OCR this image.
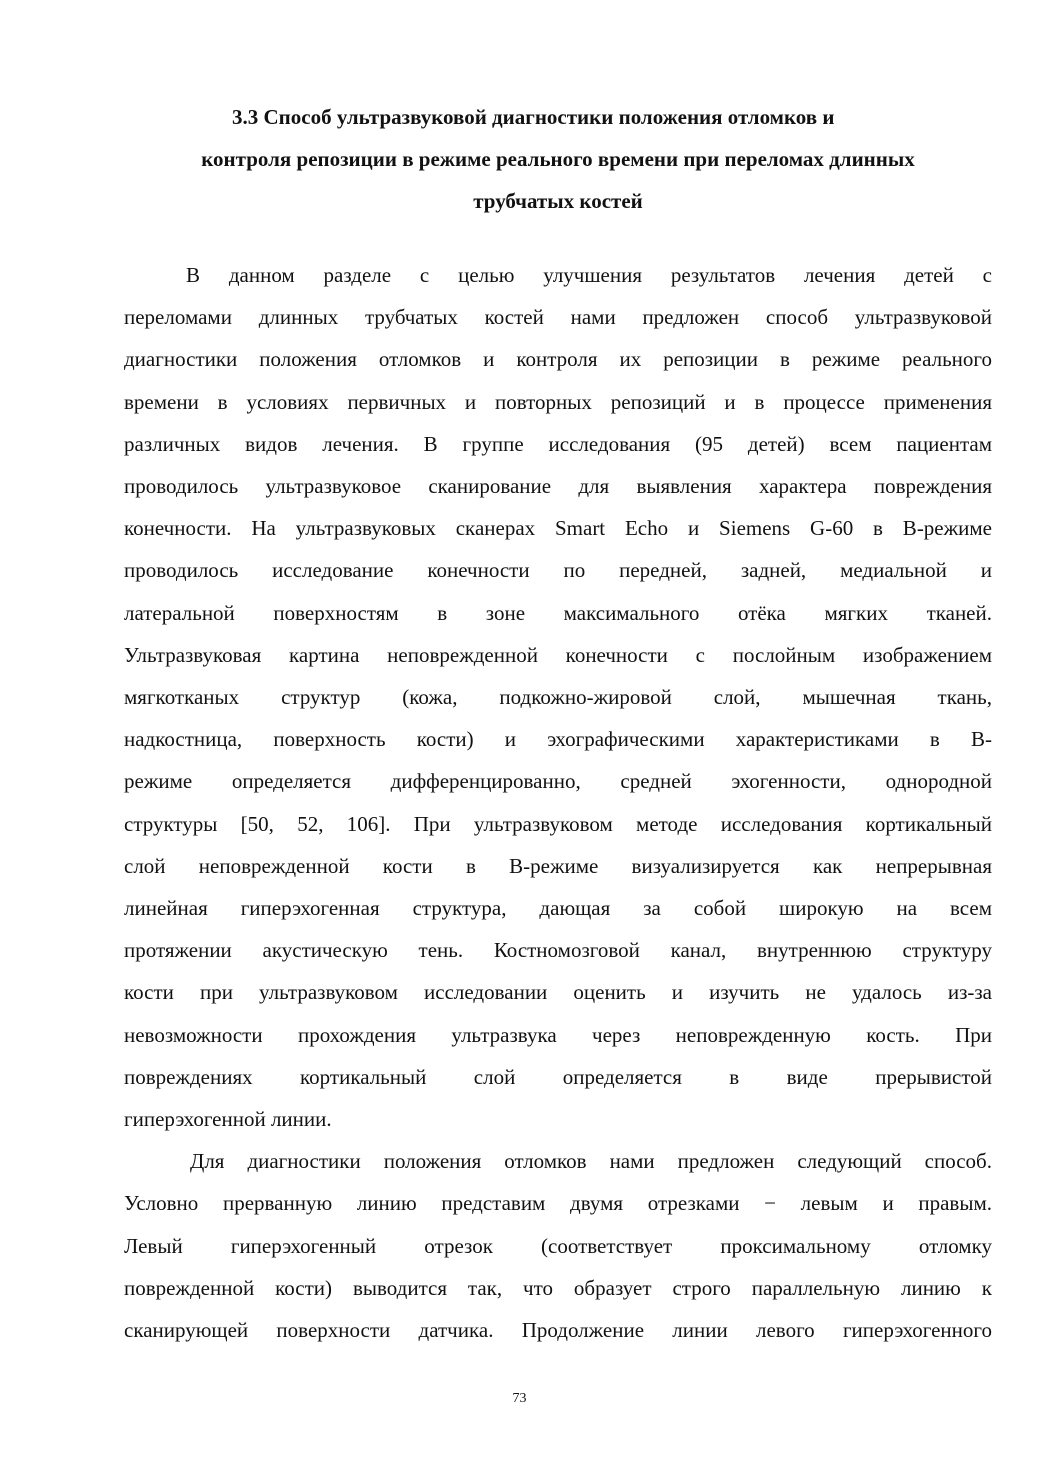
3.3 Способ ультразвуковой диагностики положения отломков и
контроля репозиции в режиме реального времени при переломах длинных
трубчатых костей

В данном разделе с целью улучшения результатов лечения детей с

переломами длинных трубчатых костей нами предложен способ ультразвуковой

диагностики положения отломков и контроля их репозиции в режиме реального

времени в условиях первичных и повторных репозиций и в процессе применения

различных видов лечения. В группе исследования (95 детей) всем пациентам

проводилось ультразвуковое сканирование для выявления характера повреждения

конечности. На ультразвуковых сканерах Smart Echo и Siemens G-60 в B-режиме

проводилось исследование конечности по передней, задней, медиальной и

латеральной поверхностям в зоне максимального отёка мягких тканей.

Ультразвуковая картина неповрежденной конечности с послойным изображением

мягкотканых структур (кожа, подкожно-жировой слой, мышечная ткань,

надкостница, поверхность кости) и эхографическими характеристиками в B-

режиме определяется дифференцированно, средней эхогенности, однородной

структуры [50, 52, 106]. При ультразвуковом методе исследования кортикальный

слой неповрежденной кости в B-режиме визуализируется как непрерывная

линейная гиперэхогенная структура, дающая за собой широкую на всем

протяжении акустическую тень. Костномозговой канал, внутреннюю структуру

кости при ультразвуковом исследовании оценить и изучить не удалось из-за

невозможности прохождения ультразвука через неповрежденную кость. При

повреждениях кортикальный слой определяется в виде прерывистой

гиперэхогенной линии.

Для диагностики положения отломков нами предложен следующий способ.

Условно прерванную линию представим двумя отрезками − левым и правым.

Левый гиперэхогенный отрезок (соответствует проксимальному отломку

поврежденной кости) выводится так, что образует строго параллельную линию к

сканирующей поверхности датчика. Продолжение линии левого гиперэхогенного

73
